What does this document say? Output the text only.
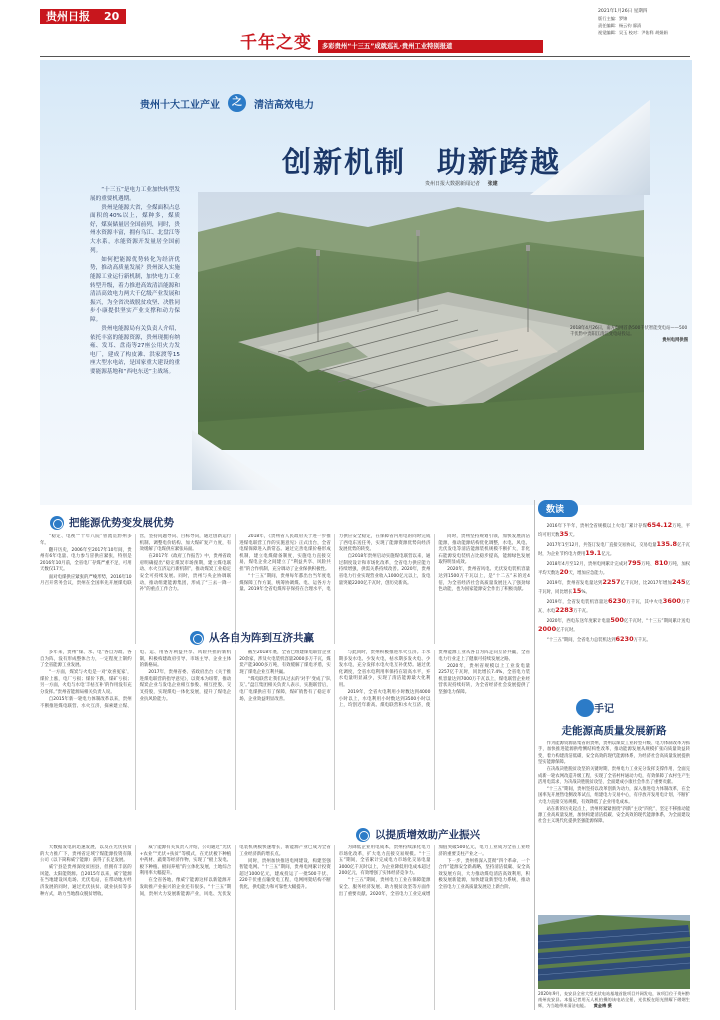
贵州日报 20
千年之变 多彩贵州“十三五”成就巡礼·贵州工业特别报道
2021年1月26日 星期四
版行主编：罗锦
责任编辑：杨云钧 廖清
视觉编辑：吴玉 校对：尹佑科 胡娟娟
贵州十大工业产业	之	清洁高效电力
创新机制　助新跨越
贵州日报大数据新闻记者 张建

“十三五”是电力工业加快转型发展的重要机遇期。

贵州是能源大省，全煤面积占总面积的40%以上，煤种多，煤质好，煤炭储量居全国前列，同时，贵州水资源丰富，拥有乌江、北盘江等大水系，水能资源开发量居全国前列。

如何把能源优势转化为经济优势，推动高质量发展？贵州深入实施能源工业运行新机制，加快电力工业转型升级，着力推进高效清洁能源和清洁高效电力两大千亿级产业发展和振兴，为全省决战脱贫攻坚、决胜同步小康提供坚实产业支撑和动力保障。

贵州电能源局有关负责人介绍，依托丰富的能源资源，贵州现拥有纳雍、发耳、盘南等27座公用火力发电厂，建成了构皮滩、洪家渡等15座大型水电站，是国家重大建设的重要能源基地和“西电东送”主战场。

2018年4月26日，南方电网首条500千伏智能变电站——500千伏黔中贵阳江清江变电站投运。
贵州电网供图
数读

2016年下半年，贵州全省规模以上火电厂累计存煤654.12万吨，平均可用天数35天。

2017年1至12月，共签订发电厂直接交易协议，交易电量135.8亿千瓦时，为企业节约电力费用19.1亿元。

2018年4月至12月，贵州电网累计完成对795万吨、810万吨，加权平均天数达20天，增加应急能力。

2019年，贵州省发电量达到2257亿千瓦时，比2017年增加245亿千瓦时，同比增长15%。

2019年，全省发电装机容量达6230万千瓦，其中火电3600万千瓦、水电2283万千瓦。

2020年，西电东送年度累计电量500亿千瓦时，“十三五”期间累计送电2000亿千瓦时。

“十三五”期间，全省电力总装机达到6230万千瓦。

手记
走能源高质量发展新路

作为能源资源富集省的贵州，贵州以煤炭工业转型升级、电力体制改革为抓手，加快推进能源供给侧结构性改革，推动能源发展从规模扩张向质量效益转变，着力构建清洁低碳、安全高效的现代能源体系，为经济社会高质量发展提供坚实能源保障。

在决战决胜脱贫攻坚的关键时期，贵州电力工业充分发挥支撑作用，全面完成新一轮农网改造升级工程，实现了全省村村通动力电，有效保障了农村生产生活用电需求，为决战决胜脱贫攻坚、全面建成小康社会作出了重要贡献。

“十三五”期间，贵州坚持以改革创新为动力，深入推进电力体制改革，在全国率先开展售电侧改革试点，组建电力交易中心，有序放开发用电计划，不断扩大电力直接交易规模，有效降低了企业用电成本。

站在新的历史起点上，贵州将紧紧围绕“四新”主攻“四化”，坚定不移推动能源工业高质量发展，加快构建清洁低碳、安全高效的现代能源体系，为全面建设社会主义现代化提供坚强能源保障。

2020年9月，瓮安县全省大型光伏电站基地首批项目并网发电，该项目位于贵州黔南州瓮安县。本报记者用无人机拍摄的该电站全景，光伏板在阳光照耀下熠熠生辉，为当地带来清洁电能。 黄金梅 摄
把能源优势变发展优势

“稳定、电视”“十年八院”曾流贯黔州多年。

翻开历史，2006年至2017年10年间，贵州有6年电量、电力参与冒供应紧张，特别是2016年10月前，全省电厂存煤严重不足，可用天数仅17天。

面对电煤供应紧张的严峻形势，2016年10月召开常务会议，贵州在全国率先开展煤电联营，坚持问题导向、目标导向，通过创新运行机制、调整电价结构、加大煤矿复产力度，有效缓解了电煤供应紧张局面。

在2017年《政府工作报告》中，贵州省政府明确提出“稳定煤炭市场预期，建立煤电联动、水火互济运行新机制”，推动煤炭工业稳定安全可持续发展。同时，贵州与央企协调联动，推动组建能源集团，形成了“三去一降一补”的重点工作合力。

2018年，《贵州省人民政府关于进一步推进煤电联营工作的实施意见》正式出台，全省电煤保障进入新常态。通过完善电煤价格形成机制，建立电煤储备制度，实施电力直接交易，煤电企业之间建立了“利益共享、风险共担”的合作机制，充分调动了企业保供积极性。

“十三五”期间，贵州每年都出台当年度电煤保障工作方案，统筹协调煤、电、运各方力量。2019年全省电煤库存保持在合理水平，电力供应安全稳定，在保障省内用电的同时完成了西电东送任务，实现了能源资源优势向经济发展优势的转变。

自2018年贵州启动实施煤电联营以来，通过制度设计和市场化改革，全省电力供应能力持续增强，供需关系持续改善。2020年，贵州省电力行业实现营业收入1000亿元以上，发电量突破2200亿千瓦时，创历史新高。

同时，贵州坚持规划引领，加快发展清洁能源，推动能源结构优化调整，水电、风电、光伏发电等清洁能源装机规模不断扩大，非化石能源发电装机占比稳步提高，能源绿色发展取得明显成效。

2020年，贵州省风电、光伏发电装机容量达到1500万千瓦以上，是“十二五”末的近4倍，为全省经济社会高质量发展注入了强劲绿色动能，也为国家能源安全作出了积极贡献。

从各自为阵到互济共赢

多年来，贵州“煤、水、电”各自为政、各自为阵，没有形成整体合力，一定程度上制约了全省能源工业发展。

“一方面，煤炭与火电是一对‘欢喜冤家’，煤价上涨，电厂亏损；煤价下跌，煤矿亏损；另一方面，火电与水电‘丰枯互补’的作用没有充分发挥。”贵州省能源局相关负责人说。

自2015年新一轮电力体制改革以来，贵州不断推进煤电联营、水火互济，探索建立煤、电、运、用各方利益共享、风险共担的新机制，积极构建政府引导、市场主导、企业主体的新格局。

2017年，贵州省委、省政府出台《关于推进煤电联营的指导意见》，以资本为纽带，推动煤炭企业与发电企业相互参股、相互控股、交叉持股，实现煤电一体化发展，提升了煤电企业抗风险能力。

截至2018年底，全省已组建煤电联营企业20余家，涉及火电装机容量2000多万千瓦，煤炭产能3000多万吨，有效缓解了煤电矛盾，实现了煤电企业互利共赢。

“煤电联营让我们从过去的‘对手’变成了‘队友’。”盘江集团相关负责人表示，实施联营后，电厂电煤供应有了保障，煤矿销售有了稳定市场，企业效益明显改善。

与此同时，贵州积极推进水火互济。丰水期多发水电、少发火电，枯水期多发火电、少发水电，充分发挥水电火电互补优势。通过优化调度，全省水电利用率保持在较高水平，弃水电量明显减少，实现了清洁能源最大化利用。

2019年，全省火电利用小时数达到4000小时以上，水电利用小时数达到3500小时以上，均创近年新高。煤电联营和水火互济，使贵州能源工业从各自为阵走向互济共赢，全省电力行业走上了健康可持续发展之路。

2020年，贵州省规模以上工业发电量2257亿千瓦时，同比增长7.4%，全省电力装机容量达到7000万千瓦以上，煤电联营企业经营状况持续好转，为全省经济社会发展提供了坚强电力保障。

以提质增效助产业振兴

大数据发电的迅速发展，以及在光伏扶贫的大力推广下，贵州省定域宁煤能源投资有限公司（以下简称威宁能源）获得了长足发展。

威宁县是贵州深度贫困县，但拥有丰富的风能、太阳能资源。自2015年以来，威宁能源在当地建设风电场、光伏电站，在带动地方经济发展的同时，通过光伏扶贫、就业扶贫等多种方式，助力当地群众脱贫增收。

威宁能源有关负责人介绍，公司通过“光伏+农业”“光伏+扶贫”等模式，在光伏板下种植中药材、蔬菜等经济作物，实现了“板上发电、板下种植、板间养殖”的立体化发展，土地综合利用率大幅提升。

在全省各地，像威宁能源这样以新能源开发助推产业振兴的企业还有很多。“十三五”期间，贵州大力发展新能源产业，风电、光伏发电装机规模快速增长，新能源产业已成为全省工业经济新的增长点。

同时，贵州加快推进电网建设，构建坚强智能电网。“十三五”期间，贵州电网累计投资超过1000亿元，建成投运了一批500千伏、220千伏重点输变电工程，电网网架结构不断优化，供电能力和可靠性大幅提升。

为降低企业用电成本，贵州持续深化电力市场化改革，扩大电力直接交易规模。“十三五”期间，全省累计完成电力市场化交易电量3000亿千瓦时以上，为企业降低用电成本超过200亿元，有效增强了实体经济竞争力。

“十三五”期间，贵州电力工业在保障能源安全、服务经济发展、助力脱贫攻坚等方面作出了重要贡献。2020年，全省电力工业完成增加值突破500亿元，电力工业成为全省工业经济的重要支柱产业之一。

下一步，贵州将深入贯彻“四个革命、一个合作”能源安全新战略，坚持清洁低碳、安全高效发展方向，大力推动煤电清洁高效利用，积极发展新能源，加快建设新型电力系统，推动全省电力工业高质量发展迈上新台阶。
